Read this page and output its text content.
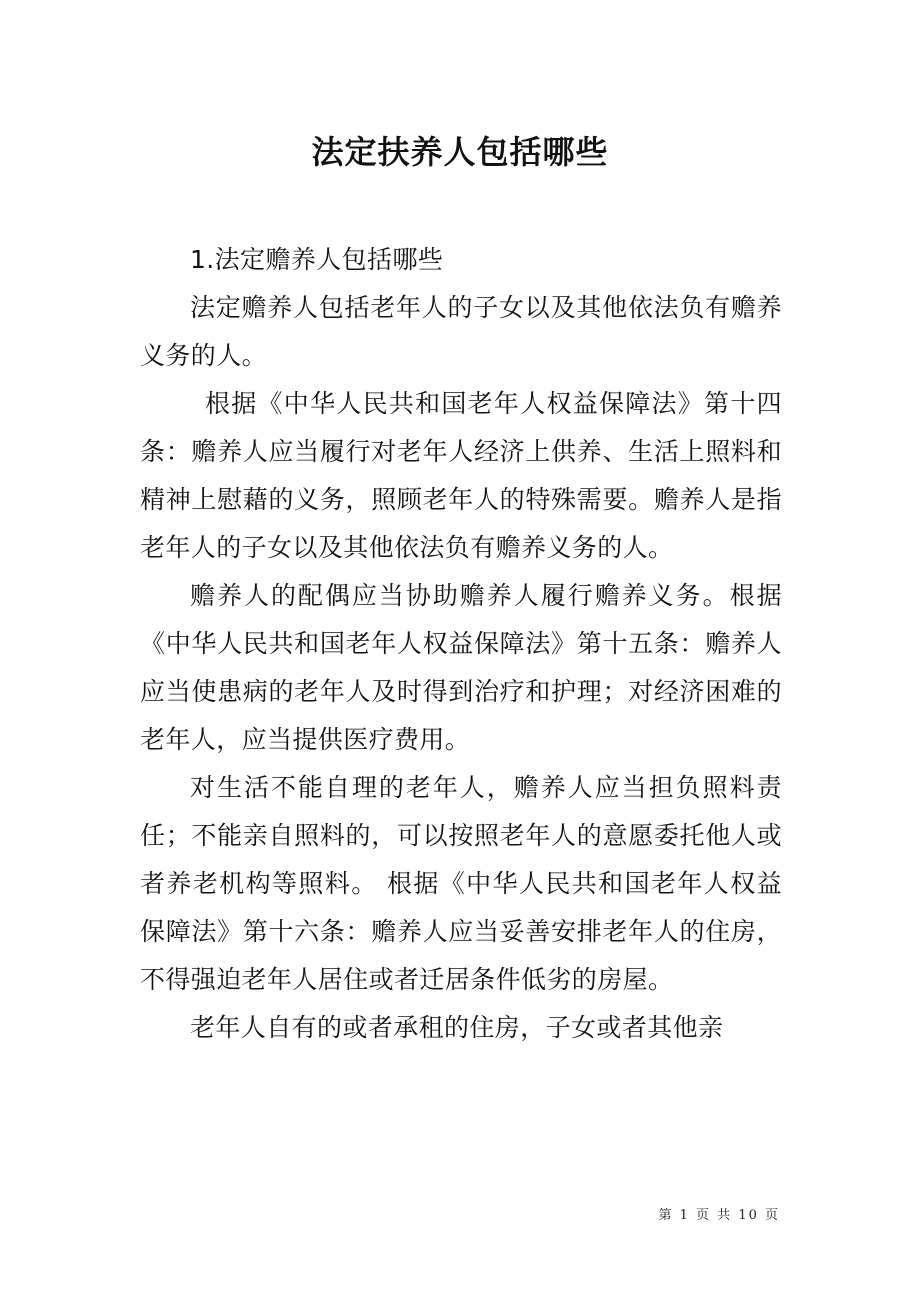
法定扶养人包括哪些

1.法定赡养人包括哪些

法定赡养人包括老年人的子女以及其他依法负有赡养义务的人。

根据《中华人民共和国老年人权益保障法》第十四条：赡养人应当履行对老年人经济上供养、生活上照料和精神上慰藉的义务，照顾老年人的特殊需要。赡养人是指老年人的子女以及其他依法负有赡养义务的人。

赡养人的配偶应当协助赡养人履行赡养义务。根据《中华人民共和国老年人权益保障法》第十五条：赡养人应当使患病的老年人及时得到治疗和护理；对经济困难的老年人，应当提供医疗费用。

对生活不能自理的老年人，赡养人应当担负照料责任；不能亲自照料的，可以按照老年人的意愿委托他人或者养老机构等照料。 根据《中华人民共和国老年人权益保障法》第十六条：赡养人应当妥善安排老年人的住房，不得强迫老年人居住或者迁居条件低劣的房屋。

老年人自有的或者承租的住房，子女或者其他亲

第 1 页 共 10 页
